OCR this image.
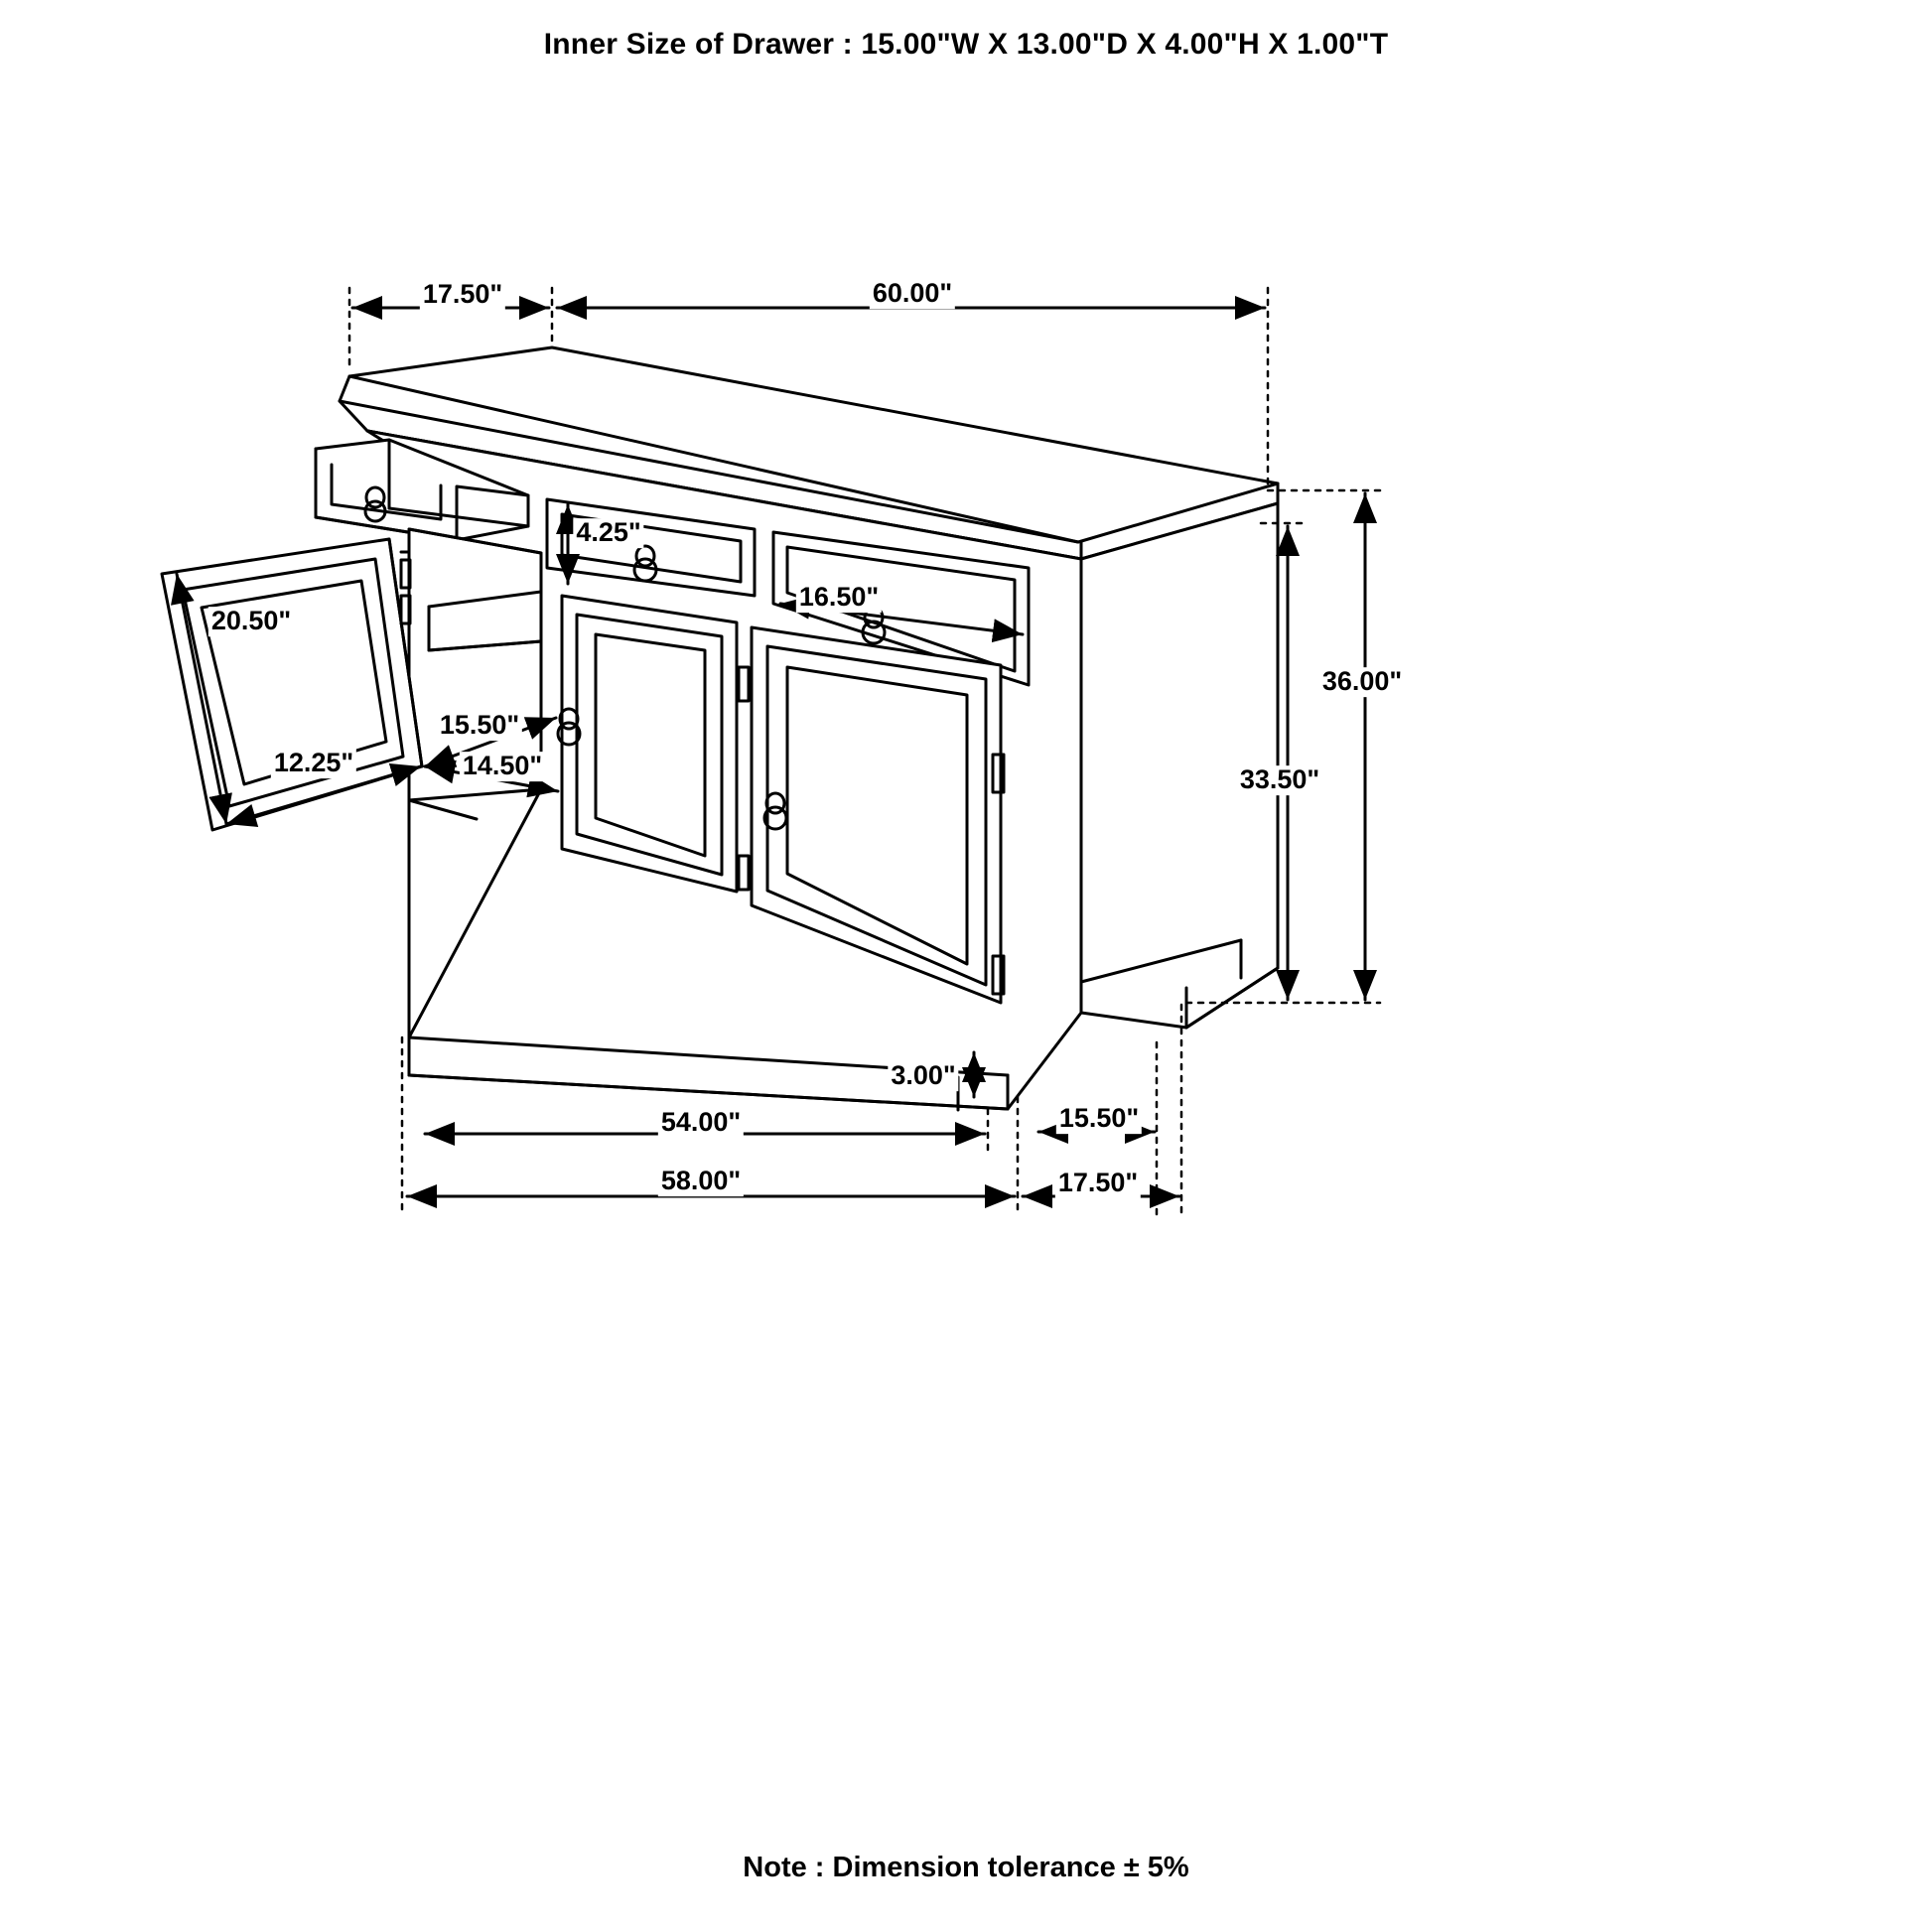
Inner Size of Drawer : 15.00"W X 13.00"D X 4.00"H X 1.00"T
17.50"	60.00"
4.25"
20.50"
16.50"
15.50"
12.25"	14.50"
36.00"
33.50"
3.00"
54.00"	15.50"
58.00"	17.50"
Note : Dimension tolerance ± 5%
